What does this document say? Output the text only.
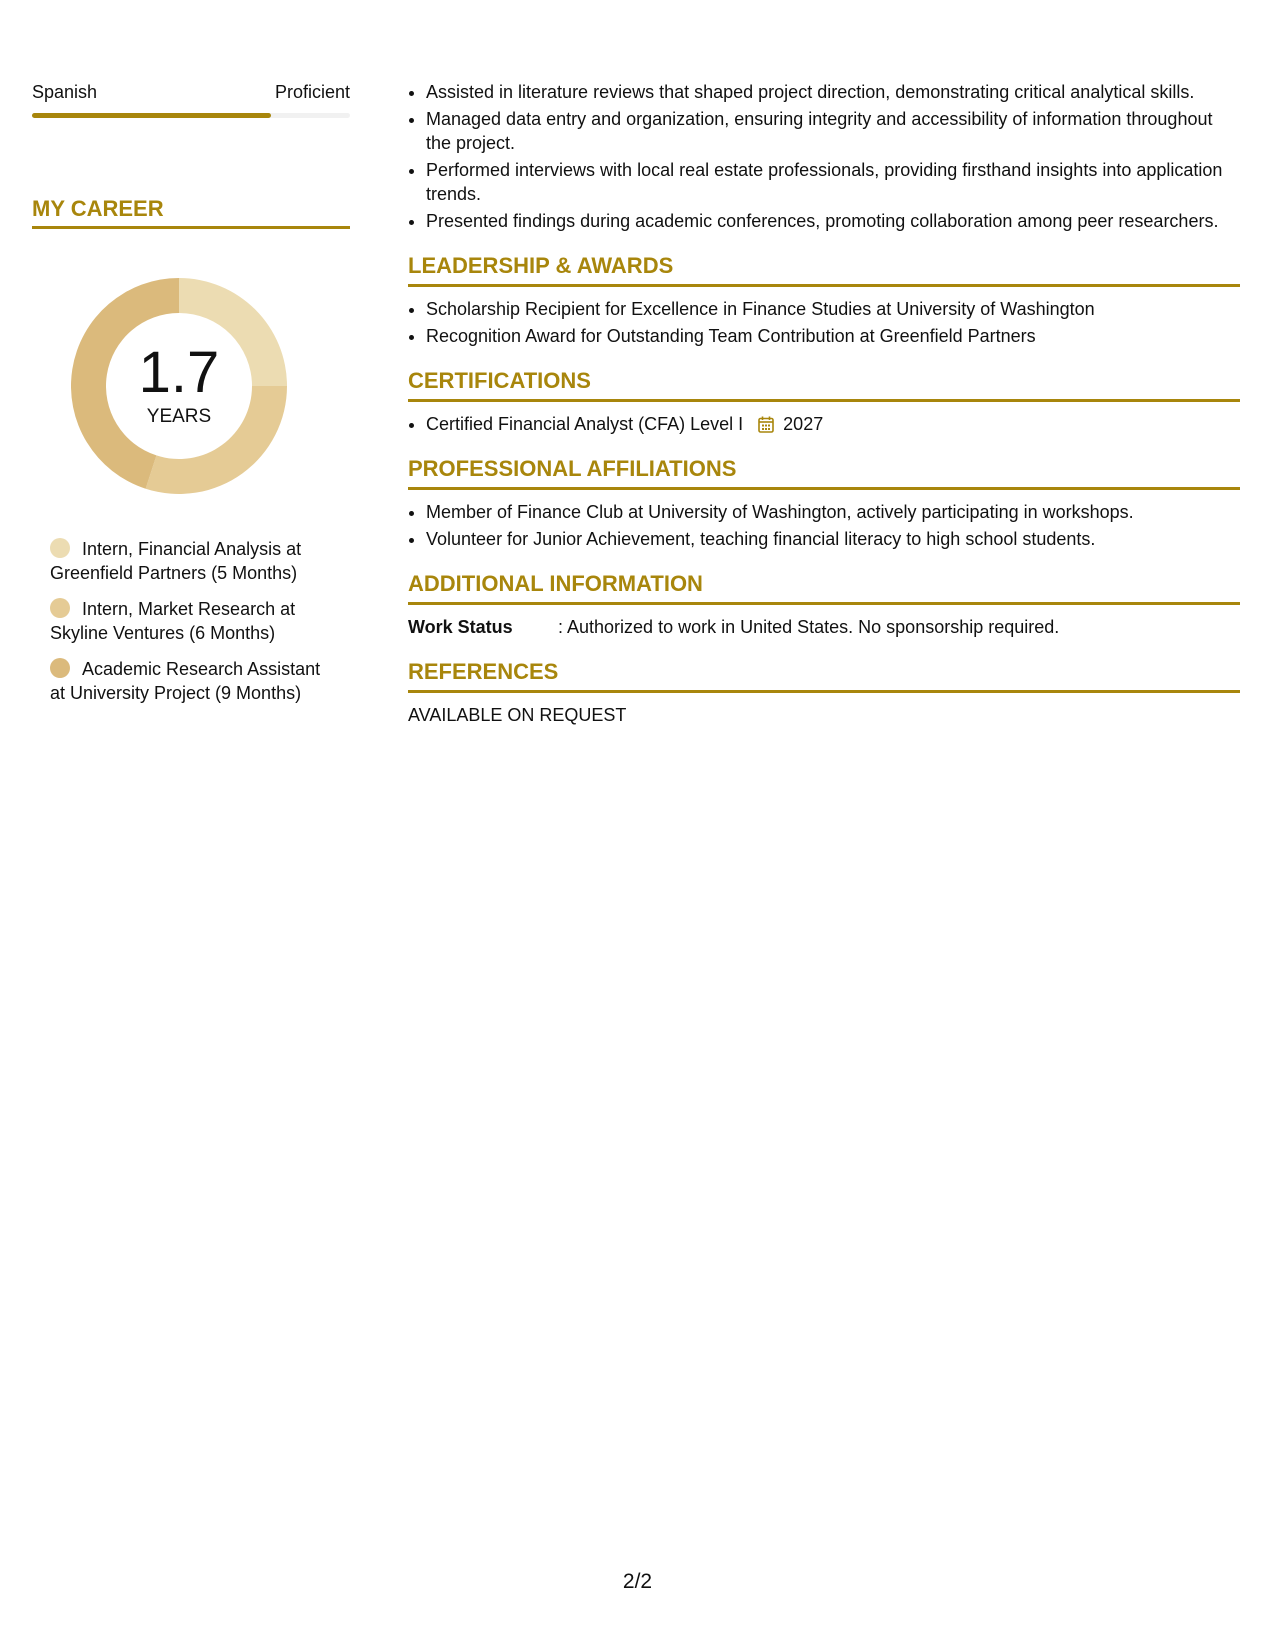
Spanish	Proficient
MY CAREER
1.7
YEARS
Intern, Financial Analysis at Greenfield Partners (5 Months)
Intern, Market Research at Skyline Ventures (6 Months)
Academic Research Assistant at University Project (9 Months)
• Assisted in literature reviews that shaped project direction, demonstrating critical analytical skills.
• Managed data entry and organization, ensuring integrity and accessibility of information throughout the project.
• Performed interviews with local real estate professionals, providing firsthand insights into application trends.
• Presented findings during academic conferences, promoting collaboration among peer researchers.
LEADERSHIP & AWARDS
• Scholarship Recipient for Excellence in Finance Studies at University of Washington
• Recognition Award for Outstanding Team Contribution at Greenfield Partners
CERTIFICATIONS
• Certified Financial Analyst (CFA) Level I 2027
PROFESSIONAL AFFILIATIONS
• Member of Finance Club at University of Washington, actively participating in workshops.
• Volunteer for Junior Achievement, teaching financial literacy to high school students.
ADDITIONAL INFORMATION
Work Status	: Authorized to work in United States. No sponsorship required.
REFERENCES
AVAILABLE ON REQUEST
2/2
